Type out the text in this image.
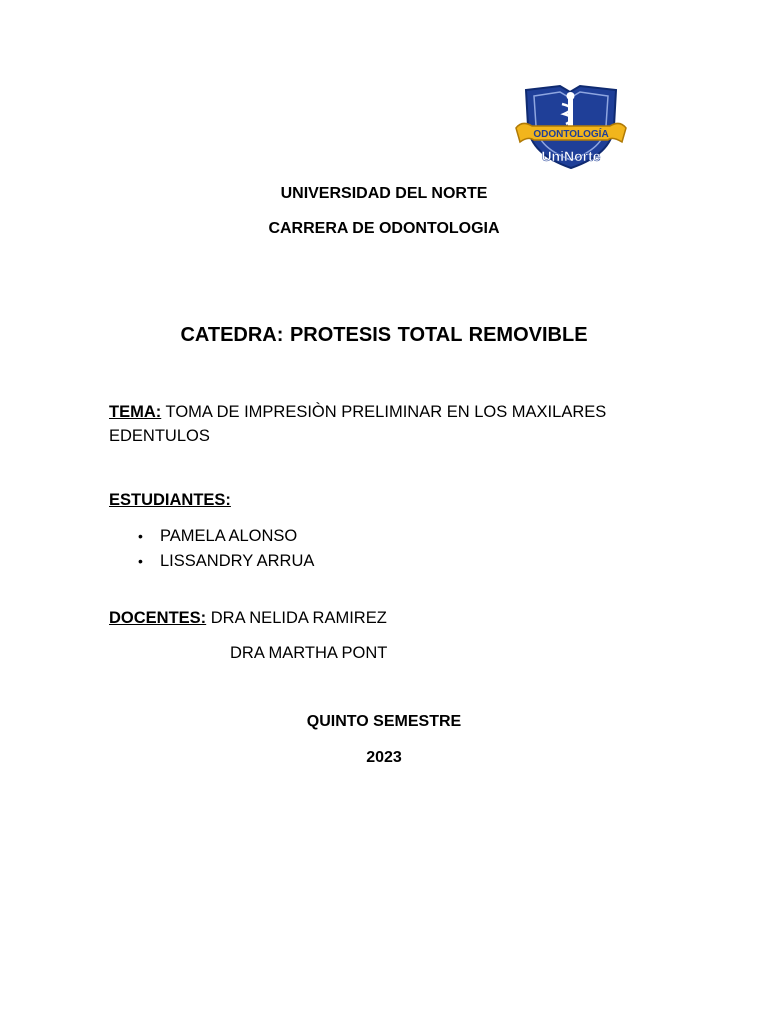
ODONTOLOGÍA
UniNorte
UNIVERSIDAD DEL NORTE
CARRERA DE ODONTOLOGIA
CATEDRA: PROTESIS TOTAL REMOVIBLE
TEMA: TOMA DE IMPRESIÒN PRELIMINAR EN LOS MAXILARES EDENTULOS
ESTUDIANTES:
• PAMELA ALONSO
• LISSANDRY ARRUA
DOCENTES: DRA NELIDA RAMIREZ
DRA MARTHA PONT
QUINTO SEMESTRE
2023
